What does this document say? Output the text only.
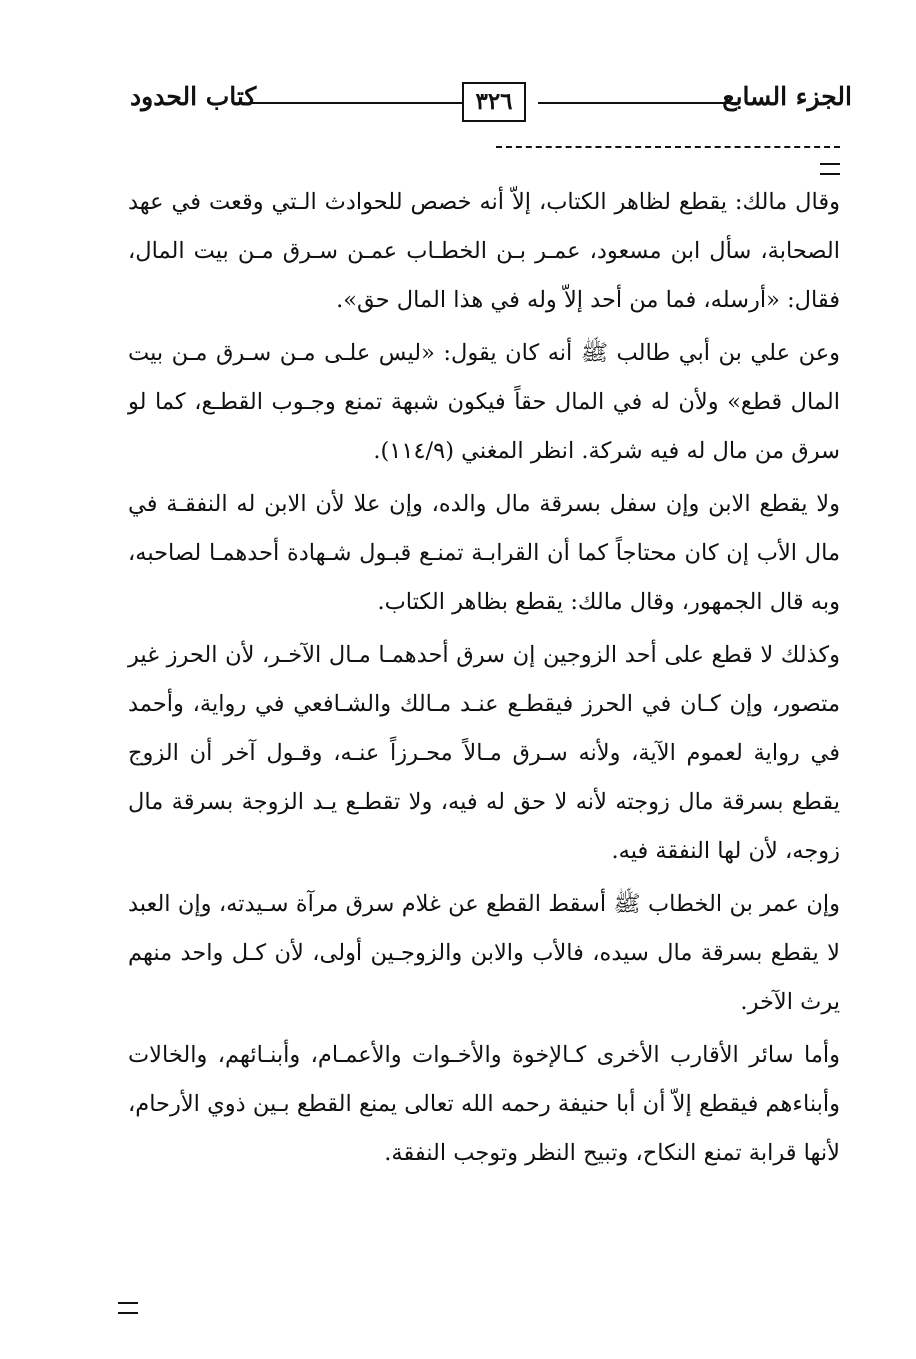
الجزء السابع
٣٢٦
كتاب الحدود

وقال مالك: يقطع لظاهر الكتاب، إلاّ أنه خصص للحوادث الـتي وقعت في عهد الصحابة، سأل ابن مسعود، عمـر بـن الخطـاب عمـن سـرق مـن بيت المال، فقال: «أرسله، فما من أحد إلاّ وله في هذا المال حق».

وعن علي بن أبي طالب ﷺ أنه كان يقول: «ليس علـى مـن سـرق مـن بيت المال قطع» ولأن له في المال حقاً فيكون شبهة تمنع وجـوب القطـع، كما لو سرق من مال له فيه شركة. انظر المغني (١١٤/٩).

ولا يقطع الابن وإن سفل بسرقة مال والده، وإن علا لأن الابن له النفقـة في مال الأب إن كان محتاجاً كما أن القرابـة تمنـع قبـول شـهادة أحدهمـا لصاحبه، وبه قال الجمهور، وقال مالك: يقطع بظاهر الكتاب.

وكذلك لا قطع على أحد الزوجين إن سرق أحدهمـا مـال الآخـر، لأن الحرز غير متصور، وإن كـان في الحرز فيقطـع عنـد مـالك والشـافعي في رواية، وأحمد في رواية لعموم الآية، ولأنه سـرق مـالاً محـرزاً عنـه، وقـول آخر أن الزوج يقطع بسرقة مال زوجته لأنه لا حق له فيه، ولا تقطـع يـد الزوجة بسرقة مال زوجه، لأن لها النفقة فيه.

وإن عمر بن الخطاب ﷺ أسقط القطع عن غلام سرق مرآة سـيدته، وإن العبد لا يقطع بسرقة مال سيده، فالأب والابن والزوجـين أولى، لأن كـل واحد منهم يرث الآخر.

وأما سائر الأقارب الأخرى كـالإخوة والأخـوات والأعمـام، وأبنـائهم، والخالات وأبناءهم فيقطع إلاّ أن أبا حنيفة رحمه الله تعالى يمنع القطع بـين ذوي الأرحام، لأنها قرابة تمنع النكاح، وتبيح النظر وتوجب النفقة.
